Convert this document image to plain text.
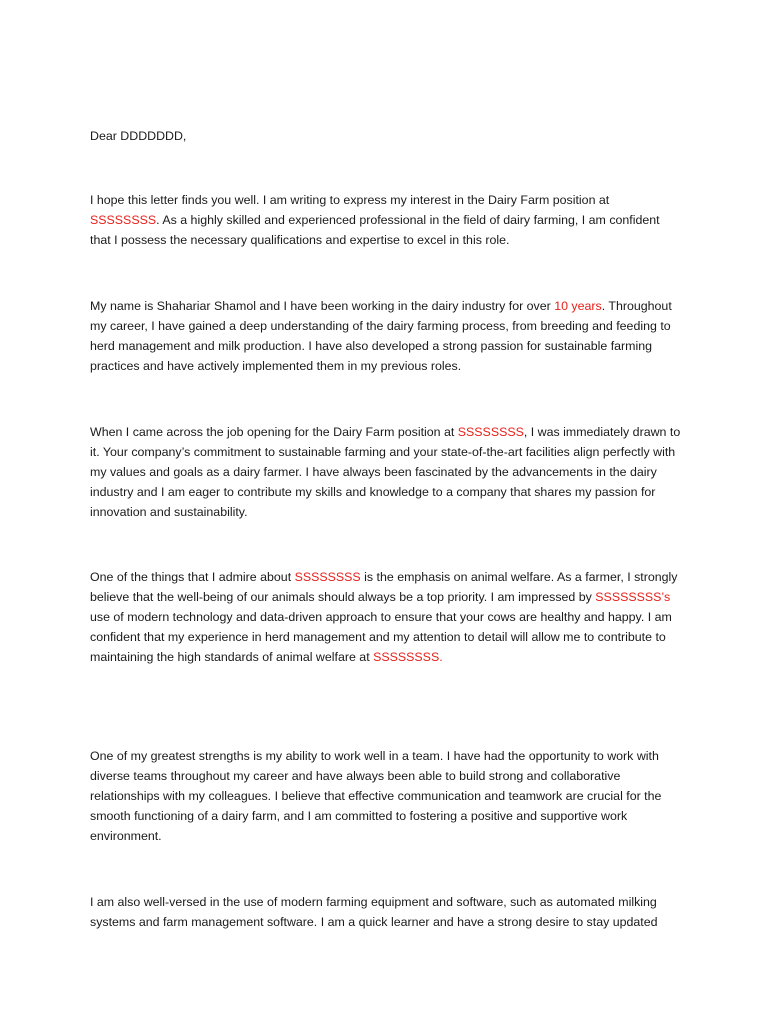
Dear DDDDDDD,

I hope this letter finds you well. I am writing to express my interest in the Dairy Farm position at SSSSSSSS. As a highly skilled and experienced professional in the field of dairy farming, I am confident that I possess the necessary qualifications and expertise to excel in this role.

My name is Shahariar Shamol and I have been working in the dairy industry for over 10 years. Throughout my career, I have gained a deep understanding of the dairy farming process, from breeding and feeding to herd management and milk production. I have also developed a strong passion for sustainable farming practices and have actively implemented them in my previous roles.

When I came across the job opening for the Dairy Farm position at SSSSSSSS, I was immediately drawn to it. Your company’s commitment to sustainable farming and your state-of-the-art facilities align perfectly with my values and goals as a dairy farmer. I have always been fascinated by the advancements in the dairy industry and I am eager to contribute my skills and knowledge to a company that shares my passion for innovation and sustainability.

One of the things that I admire about SSSSSSSS is the emphasis on animal welfare. As a farmer, I strongly believe that the well-being of our animals should always be a top priority. I am impressed by SSSSSSSS’s use of modern technology and data-driven approach to ensure that your cows are healthy and happy. I am confident that my experience in herd management and my attention to detail will allow me to contribute to maintaining the high standards of animal welfare at SSSSSSSS.

One of my greatest strengths is my ability to work well in a team. I have had the opportunity to work with diverse teams throughout my career and have always been able to build strong and collaborative relationships with my colleagues. I believe that effective communication and teamwork are crucial for the smooth functioning of a dairy farm, and I am committed to fostering a positive and supportive work environment.

I am also well-versed in the use of modern farming equipment and software, such as automated milking systems and farm management software. I am a quick learner and have a strong desire to stay updated
